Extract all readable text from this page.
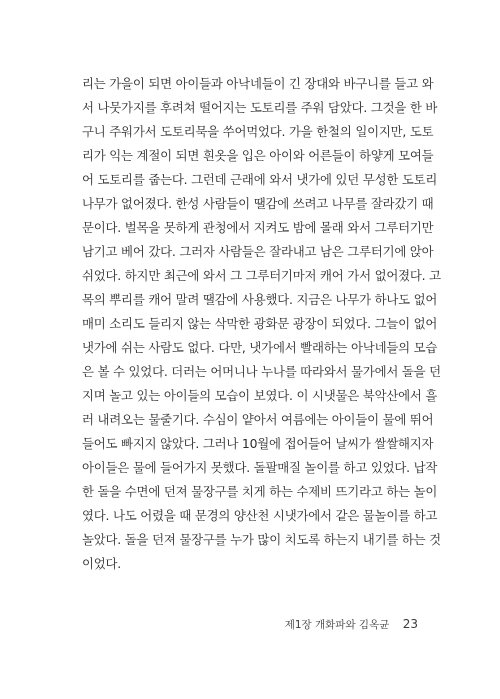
리는 가을이 되면 아이들과 아낙네들이 긴 장대와 바구니를 들고 와
서 나뭇가지를 후려쳐 떨어지는 도토리를 주워 담았다. 그것을 한 바
구니 주워가서 도토리묵을 쑤어먹었다. 가을 한철의 일이지만, 도토
리가 익는 계절이 되면 흰옷을 입은 아이와 어른들이 하얗게 모여들
어 도토리를 줍는다. 그런데 근래에 와서 냇가에 있던 무성한 도토리
나무가 없어졌다. 한성 사람들이 땔감에 쓰려고 나무를 잘라갔기 때
문이다. 벌목을 못하게 관청에서 지켜도 밤에 몰래 와서 그루터기만
남기고 베어 갔다. 그러자 사람들은 잘라내고 남은 그루터기에 앉아
쉬었다. 하지만 최근에 와서 그 그루터기마저 캐어 가서 없어졌다. 고
목의 뿌리를 캐어 말려 땔감에 사용했다. 지금은 나무가 하나도 없어
매미 소리도 들리지 않는 삭막한 광화문 광장이 되었다. 그늘이 없어
냇가에 쉬는 사람도 없다. 다만, 냇가에서 빨래하는 아낙네들의 모습
은 볼 수 있었다. 더러는 어머니나 누나를 따라와서 물가에서 돌을 던
지며 놀고 있는 아이들의 모습이 보였다. 이 시냇물은 북악산에서 흘
러 내려오는 물줄기다. 수심이 얕아서 여름에는 아이들이 물에 뛰어
들어도 빠지지 않았다. 그러나 10월에 접어들어 날씨가 쌀쌀해지자
아이들은 물에 들어가지 못했다. 돌팔매질 놀이를 하고 있었다. 납작
한 돌을 수면에 던져 물장구를 치게 하는 수제비 뜨기라고 하는 놀이
였다. 나도 어렸을 때 문경의 양산천 시냇가에서 같은 물놀이를 하고
놀았다. 돌을 던져 물장구를 누가 많이 치도록 하는지 내기를 하는 것
이었다.
제1장 개화파와 김옥균 23
